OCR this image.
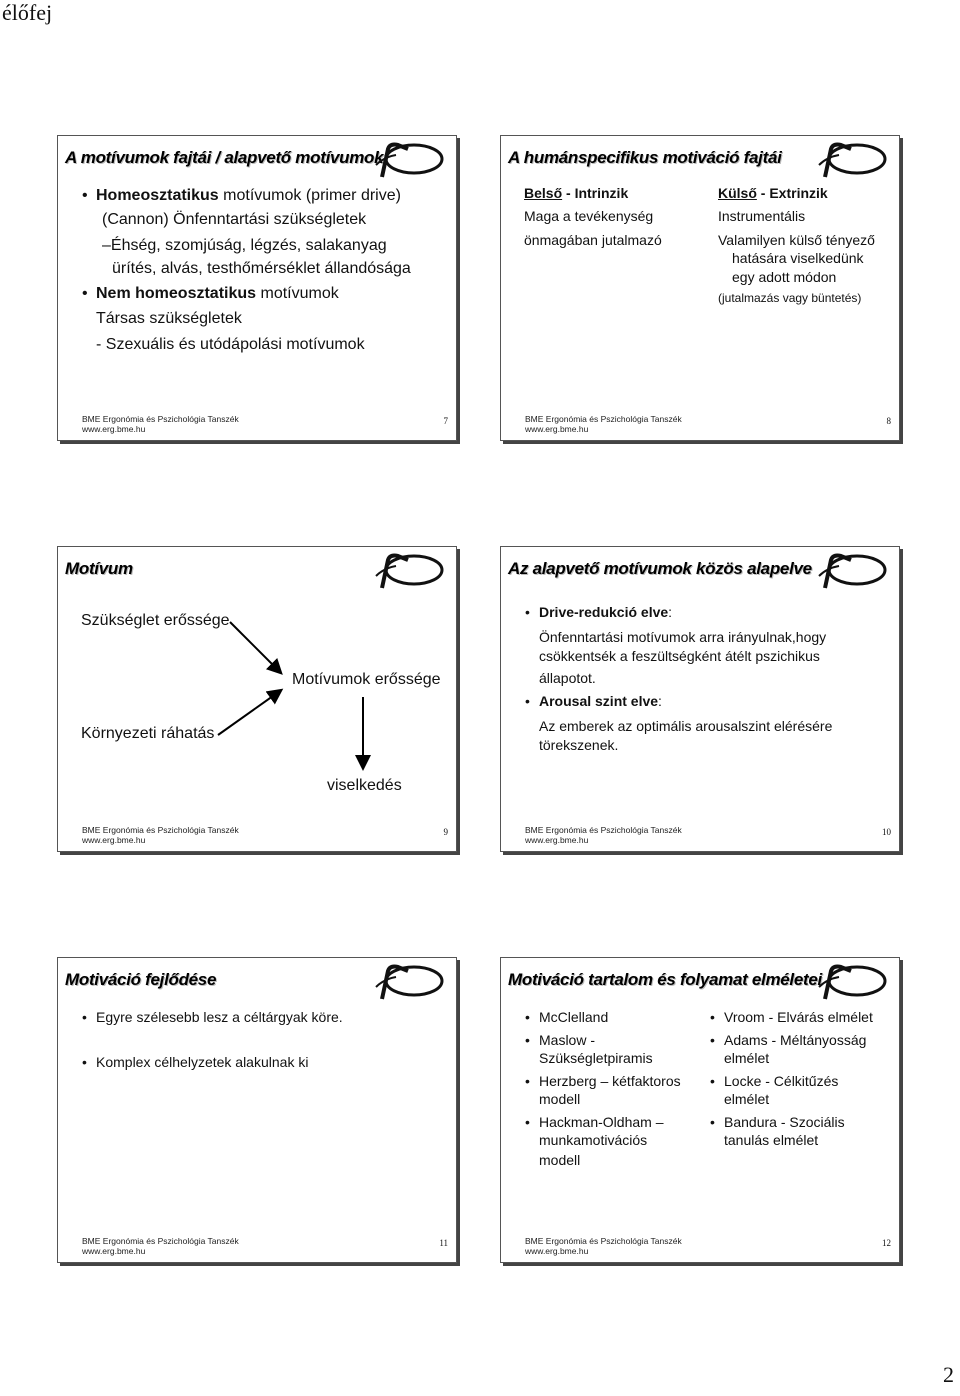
élőfej
A motívumok fajtái / alapvető motívumok
• Homeosztatikus motívumok (primer drive)
(Cannon) Önfenntartási szükségletek
–Éhség, szomjúság, légzés, salakanyag
ürítés, alvás, testhőmérséklet állandósága
• Nem homeosztatikus motívumok
Társas szükségletek
- Szexuális és utódápolási motívumok
BME Ergonómia és Pszichológia Tanszék
www.erg.bme.hu
7
A humánspecifikus motiváció fajtái
Belső - Intrinzik
Maga a tevékenység
önmagában jutalmazó
Külső - Extrinzik
Instrumentális
Valamilyen külső tényező
hatására viselkedünk
egy adott módon
(jutalmazás vagy büntetés)
BME Ergonómia és Pszichológia Tanszék
www.erg.bme.hu
8
Motívum
Szükséglet erőssége
Környezeti ráhatás
Motívumok erőssége
viselkedés
BME Ergonómia és Pszichológia Tanszék
www.erg.bme.hu
9
Az alapvető motívumok közös alapelve
• Drive-redukció elve:
Önfenntartási motívumok arra irányulnak,hogy
csökkentsék a feszültségként átélt pszichikus
állapotot.
• Arousal szint elve:
Az emberek az optimális arousalszint elérésére
törekszenek.
BME Ergonómia és Pszichológia Tanszék
www.erg.bme.hu
10
Motiváció fejlődése
• Egyre szélesebb lesz a céltárgyak köre.
• Komplex célhelyzetek alakulnak ki
BME Ergonómia és Pszichológia Tanszék
www.erg.bme.hu
11
Motiváció tartalom és folyamat elméletei
• McClelland
• Maslow -
Szükségletpiramis
• Herzberg – kétfaktoros
modell
• Hackman-Oldham –
munkamotivációs
modell
• Vroom - Elvárás elmélet
• Adams - Méltányosság
elmélet
• Locke - Célkitűzés
elmélet
• Bandura - Szociális
tanulás elmélet
BME Ergonómia és Pszichológia Tanszék
www.erg.bme.hu
12
2
